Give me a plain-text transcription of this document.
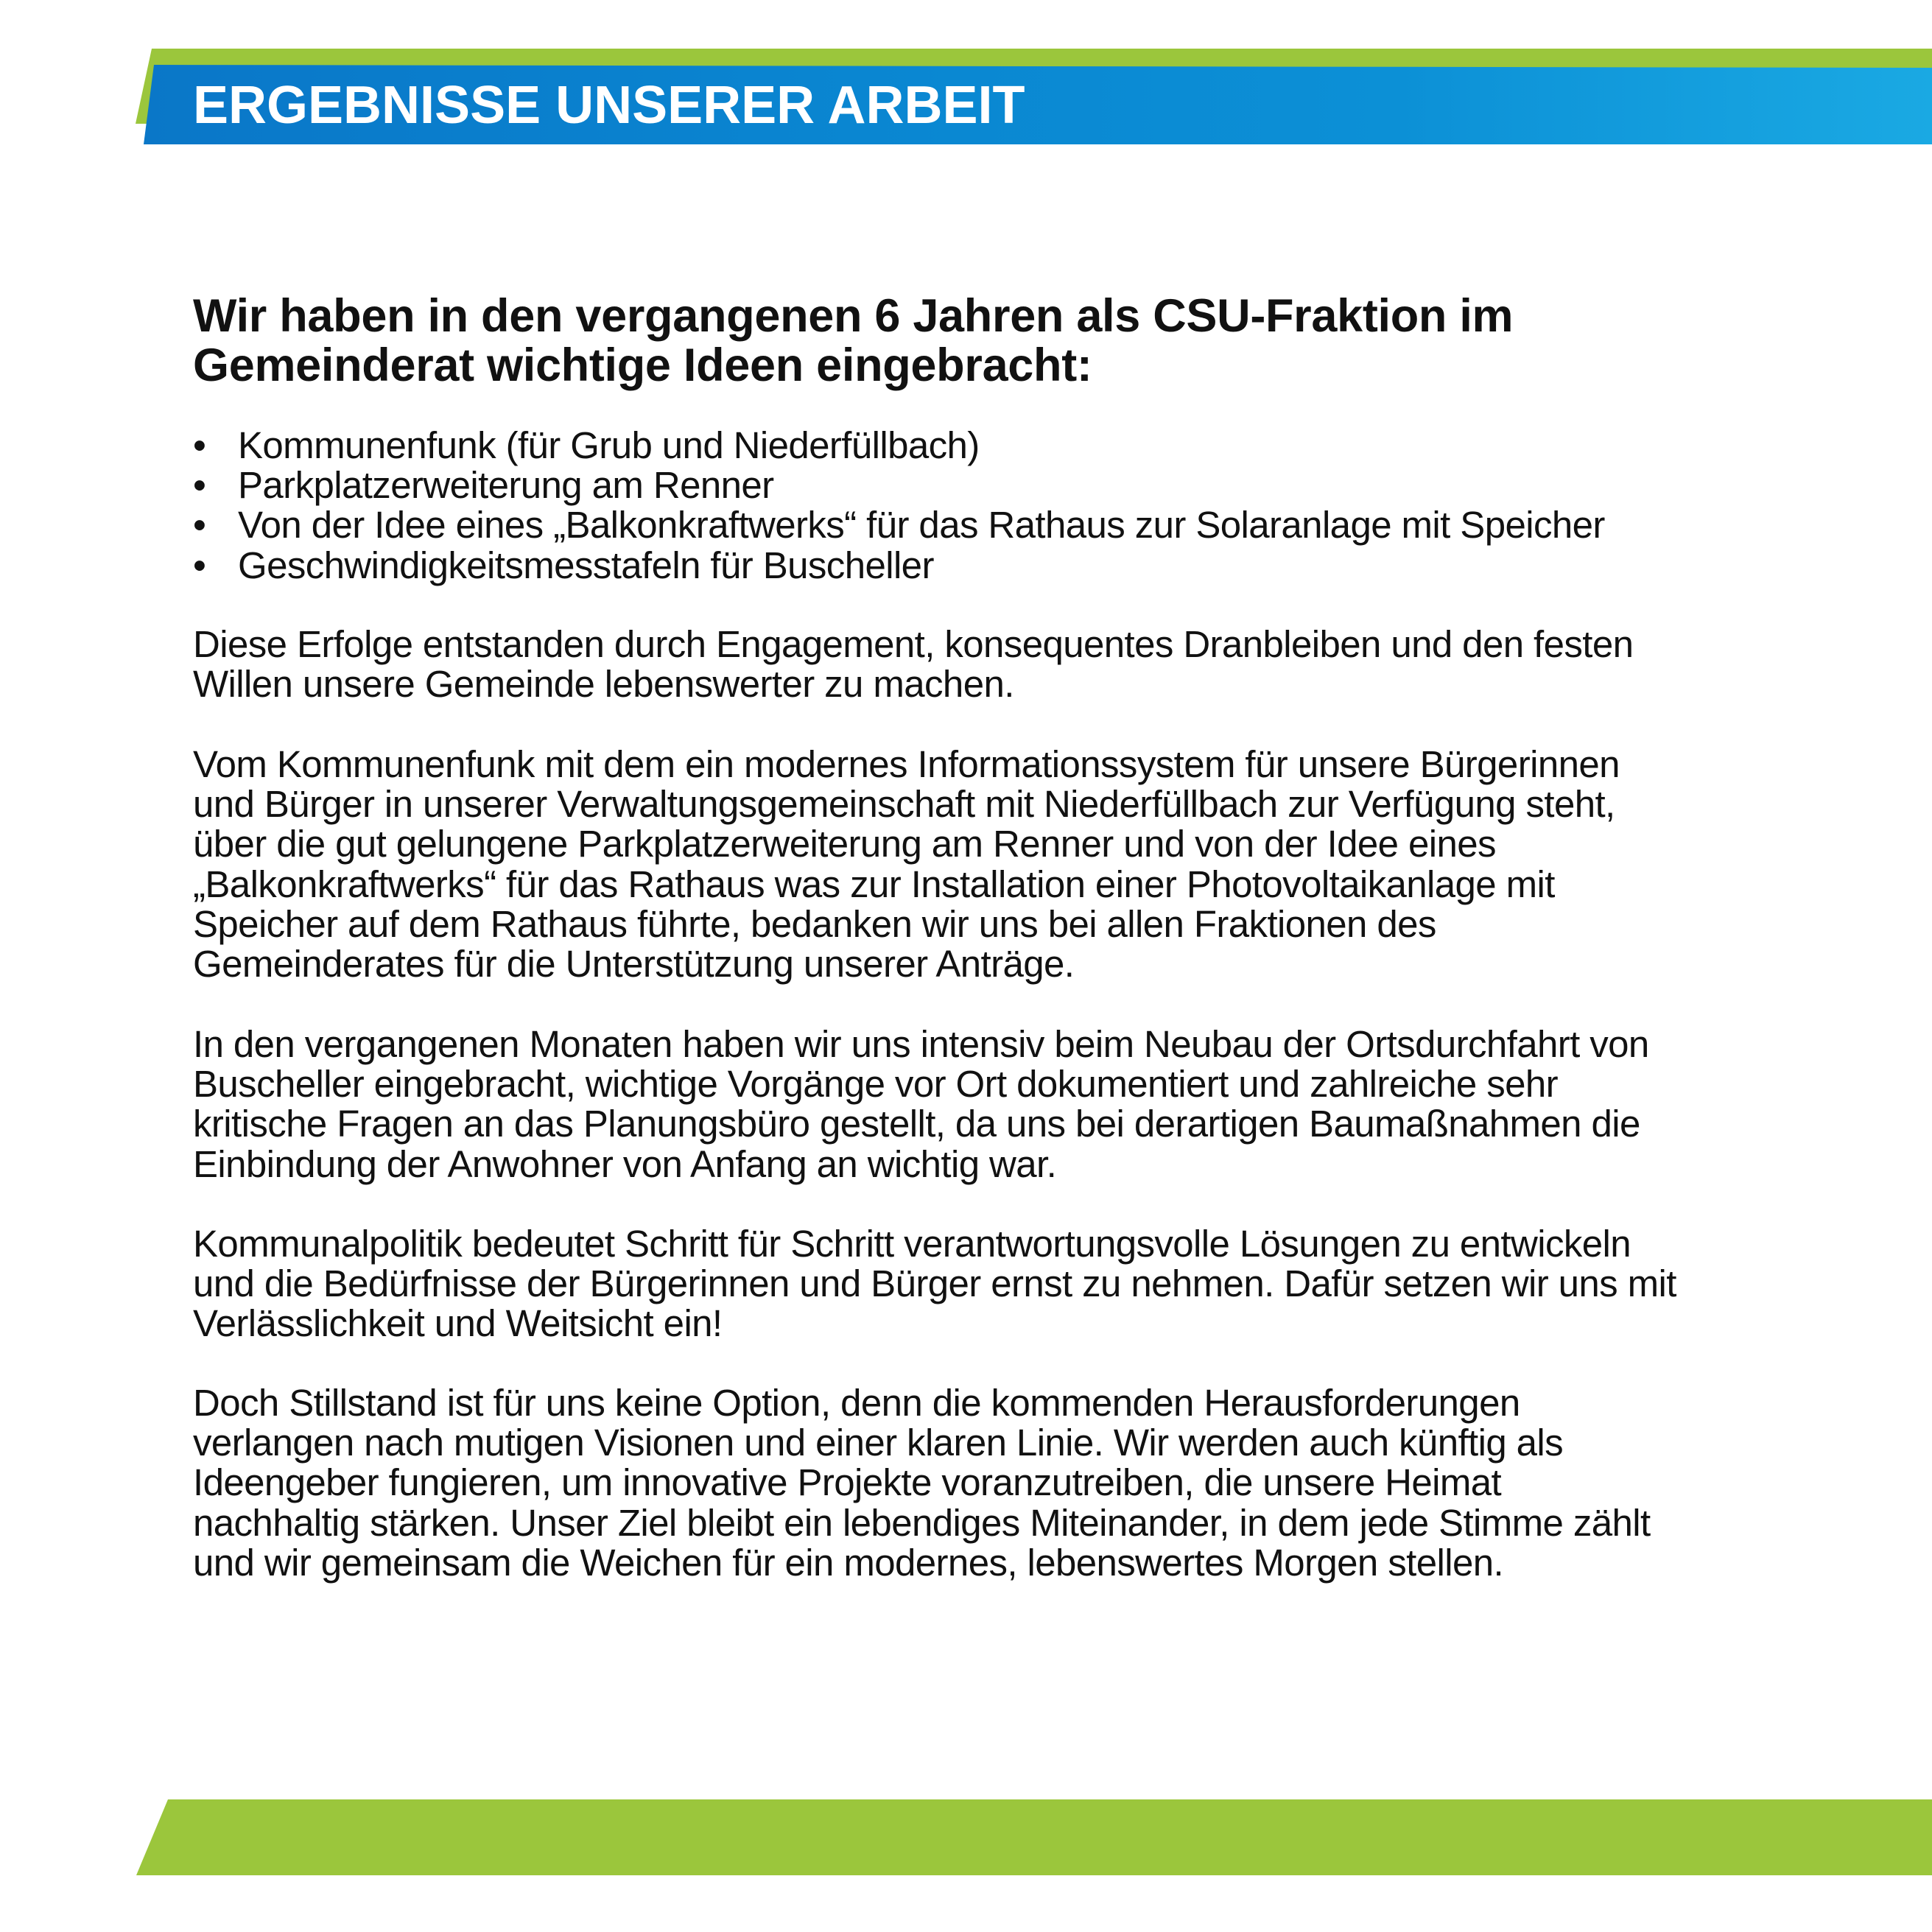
ERGEBNISSE UNSERER ARBEIT
Wir haben in den vergangenen 6 Jahren als CSU-Fraktion im
Gemeinderat wichtige Ideen eingebracht:
• Kommunenfunk (für Grub und Niederfüllbach)
• Parkplatzerweiterung am Renner
• Von der Idee eines „Balkonkraftwerks“ für das Rathaus zur Solaranlage mit Speicher
• Geschwindigkeitsmesstafeln für Buscheller
Diese Erfolge entstanden durch Engagement, konsequentes Dranbleiben und den festen
Willen unsere Gemeinde lebenswerter zu machen.
Vom Kommunenfunk mit dem ein modernes Informationssystem für unsere Bürgerinnen
und Bürger in unserer Verwaltungsgemeinschaft mit Niederfüllbach zur Verfügung steht,
über die gut gelungene Parkplatzerweiterung am Renner und von der Idee eines
„Balkonkraftwerks“ für das Rathaus was zur Installation einer Photovoltaikanlage mit
Speicher auf dem Rathaus führte, bedanken wir uns bei allen Fraktionen des
Gemeinderates für die Unterstützung unserer Anträge.
In den vergangenen Monaten haben wir uns intensiv beim Neubau der Ortsdurchfahrt von
Buscheller eingebracht, wichtige Vorgänge vor Ort dokumentiert und zahlreiche sehr
kritische Fragen an das Planungsbüro gestellt, da uns bei derartigen Baumaßnahmen die
Einbindung der Anwohner von Anfang an wichtig war.
Kommunalpolitik bedeutet Schritt für Schritt verantwortungsvolle Lösungen zu entwickeln
und die Bedürfnisse der Bürgerinnen und Bürger ernst zu nehmen. Dafür setzen wir uns mit
Verlässlichkeit und Weitsicht ein!
Doch Stillstand ist für uns keine Option, denn die kommenden Herausforderungen
verlangen nach mutigen Visionen und einer klaren Linie. Wir werden auch künftig als
Ideengeber fungieren, um innovative Projekte voranzutreiben, die unsere Heimat
nachhaltig stärken. Unser Ziel bleibt ein lebendiges Miteinander, in dem jede Stimme zählt
und wir gemeinsam die Weichen für ein modernes, lebenswertes Morgen stellen.
